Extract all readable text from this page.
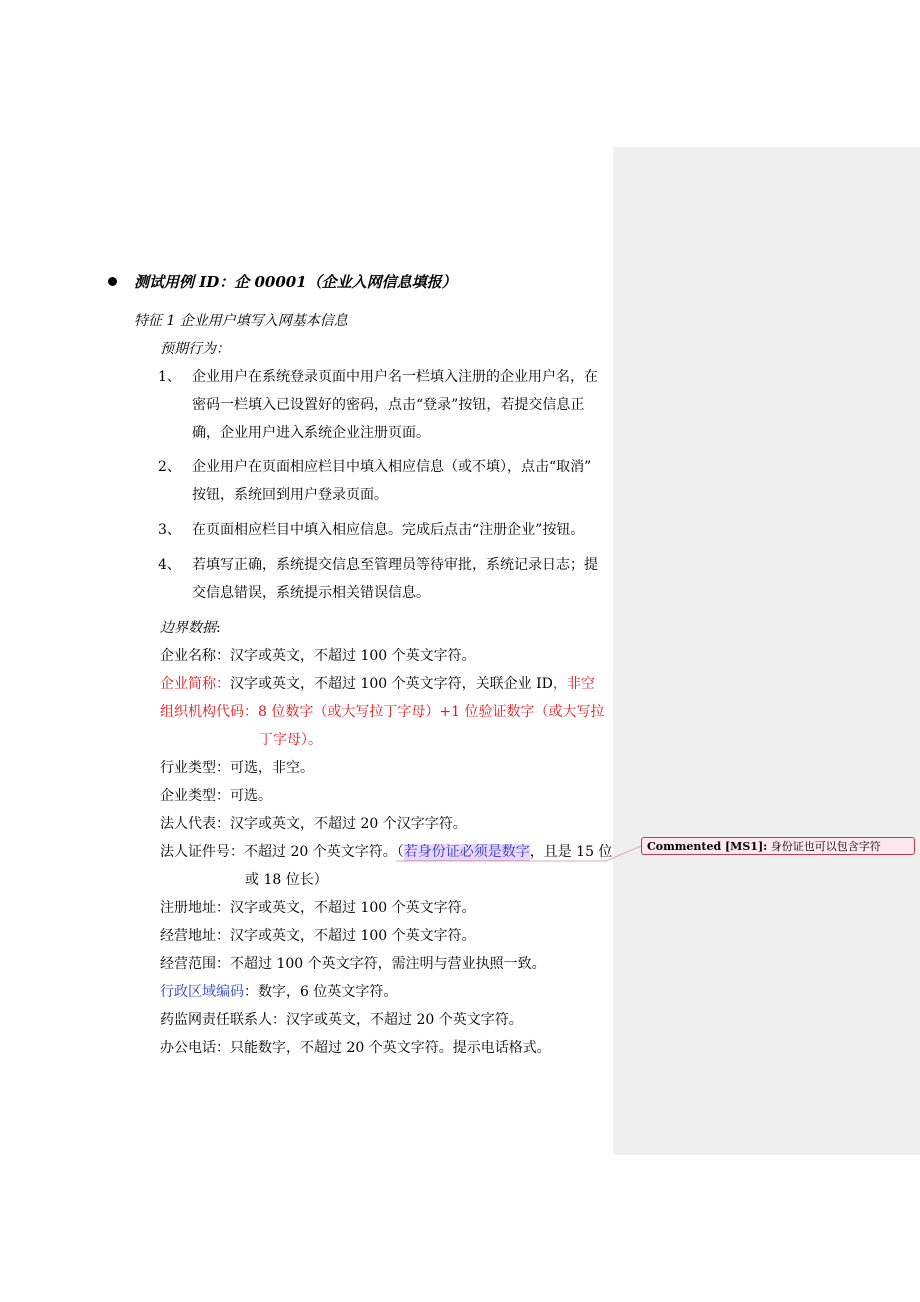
测试用例 ID：企 00001（企业入网信息填报）
特征 1 企业用户填写入网基本信息
预期行为：
1、 企业用户在系统登录页面中用户名一栏填入注册的企业用户名，在
密码一栏填入已设置好的密码，点击“登录”按钮，若提交信息正
确，企业用户进入系统企业注册页面。
2、 企业用户在页面相应栏目中填入相应信息（或不填），点击“取消”
按钮，系统回到用户登录页面。
3、 在页面相应栏目中填入相应信息。完成后点击“注册企业”按钮。
4、 若填写正确，系统提交信息至管理员等待审批，系统记录日志；提
交信息错误，系统提示相关错误信息。
边界数据:
企业名称：汉字或英文，不超过 100 个英文字符。
企业简称：汉字或英文，不超过 100 个英文字符，关联企业 ID，非空
组织机构代码：8 位数字（或大写拉丁字母）+1 位验证数字（或大写拉
丁字母）。
行业类型：可选，非空。
企业类型：可选。
法人代表：汉字或英文，不超过 20 个汉字字符。
法人证件号：不超过 20 个英文字符。（若身份证必须是数字，且是 15 位
或 18 位长）
注册地址：汉字或英文，不超过 100 个英文字符。
经营地址：汉字或英文，不超过 100 个英文字符。
经营范围：不超过 100 个英文字符，需注明与营业执照一致。
行政区域编码：数字，6 位英文字符。
药监网责任联系人：汉字或英文，不超过 20 个英文字符。
办公电话：只能数字，不超过 20 个英文字符。提示电话格式。
Commented [MS1]: 身份证也可以包含字符
